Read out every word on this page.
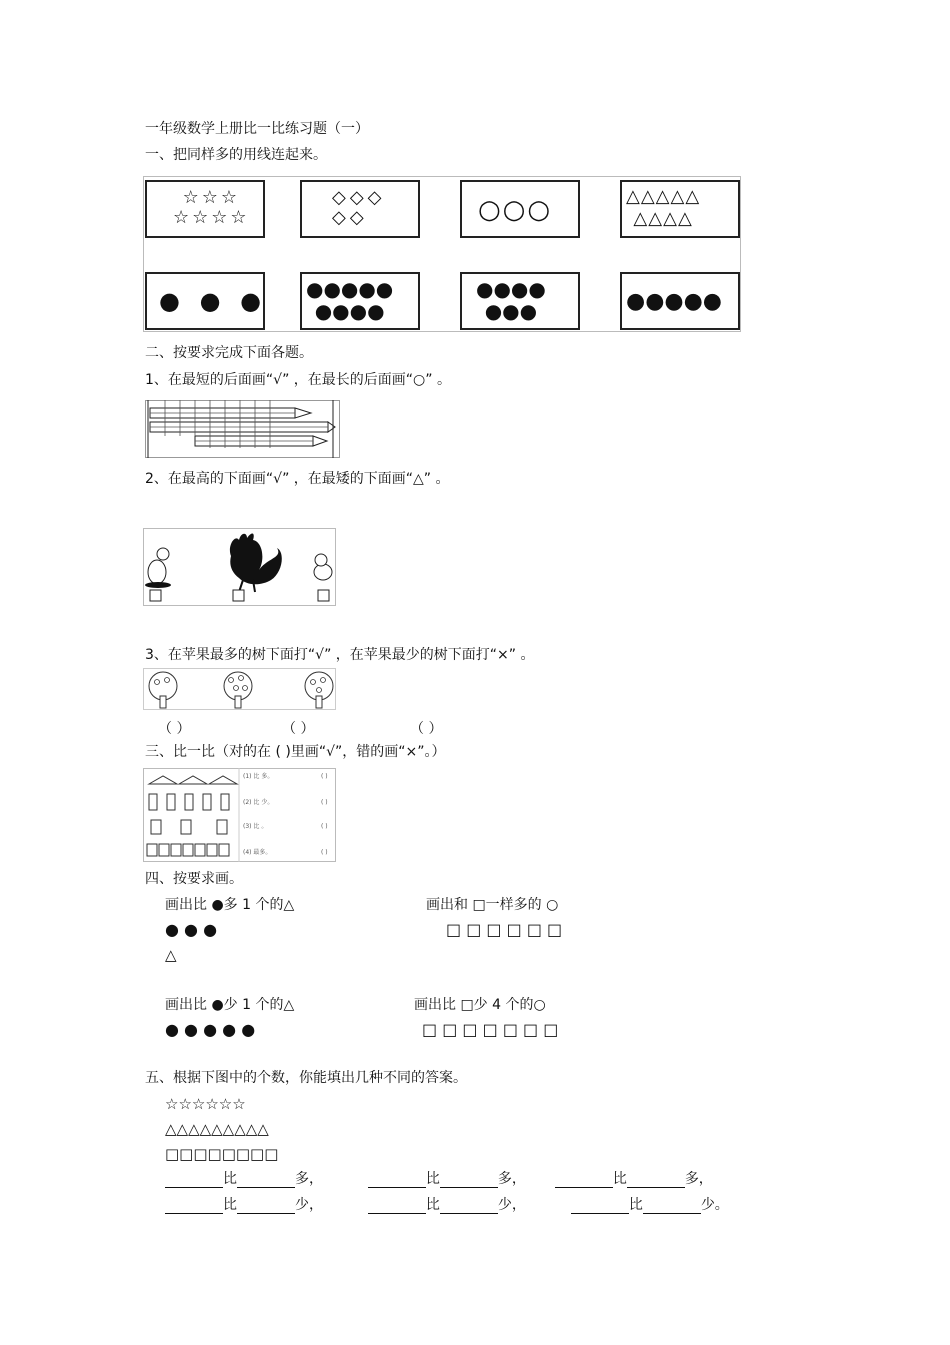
一年级数学上册比一比练习题（一）
一、把同样多的用线连起来。
☆☆☆
☆☆☆☆
◇◇◇
◇◇	○○○	△△△△△
△△△△
● ● ● ●●●●●
●●●●
●●●●
●●●	●●●●●
二、按要求完成下面各题。
1、在最短的后面画“√” ，在最长的后面画“○” 。
2、在最高的下面画“√” ，在最矮的下面画“△” 。
3、在苹果最多的树下面打“√” ，在苹果最少的树下面打“×” 。
（ ）	（ ）	（ ）
三、比一比（对的在 ( )里画“√”，错的画“×”。）
(1) 比 多。	( )
(2) 比 少。	( )
(3) 比 。	( )
(4) 最多。	( )
四、按要求画。
画出比 ●多 1 个的△
● ● ●
△
画出和 □一样多的 ○
□ □ □ □ □ □
画出比 ●少 1 个的△
● ● ● ● ●
画出比 □少 4 个的○
□ □ □ □ □ □ □
五、根据下图中的个数，你能填出几种不同的答案。
☆☆☆☆☆☆
△△△△△△△△△
□□□□□□□□
比	多，	比	多，	比	多，
比	少，	比	少，	比	少。
